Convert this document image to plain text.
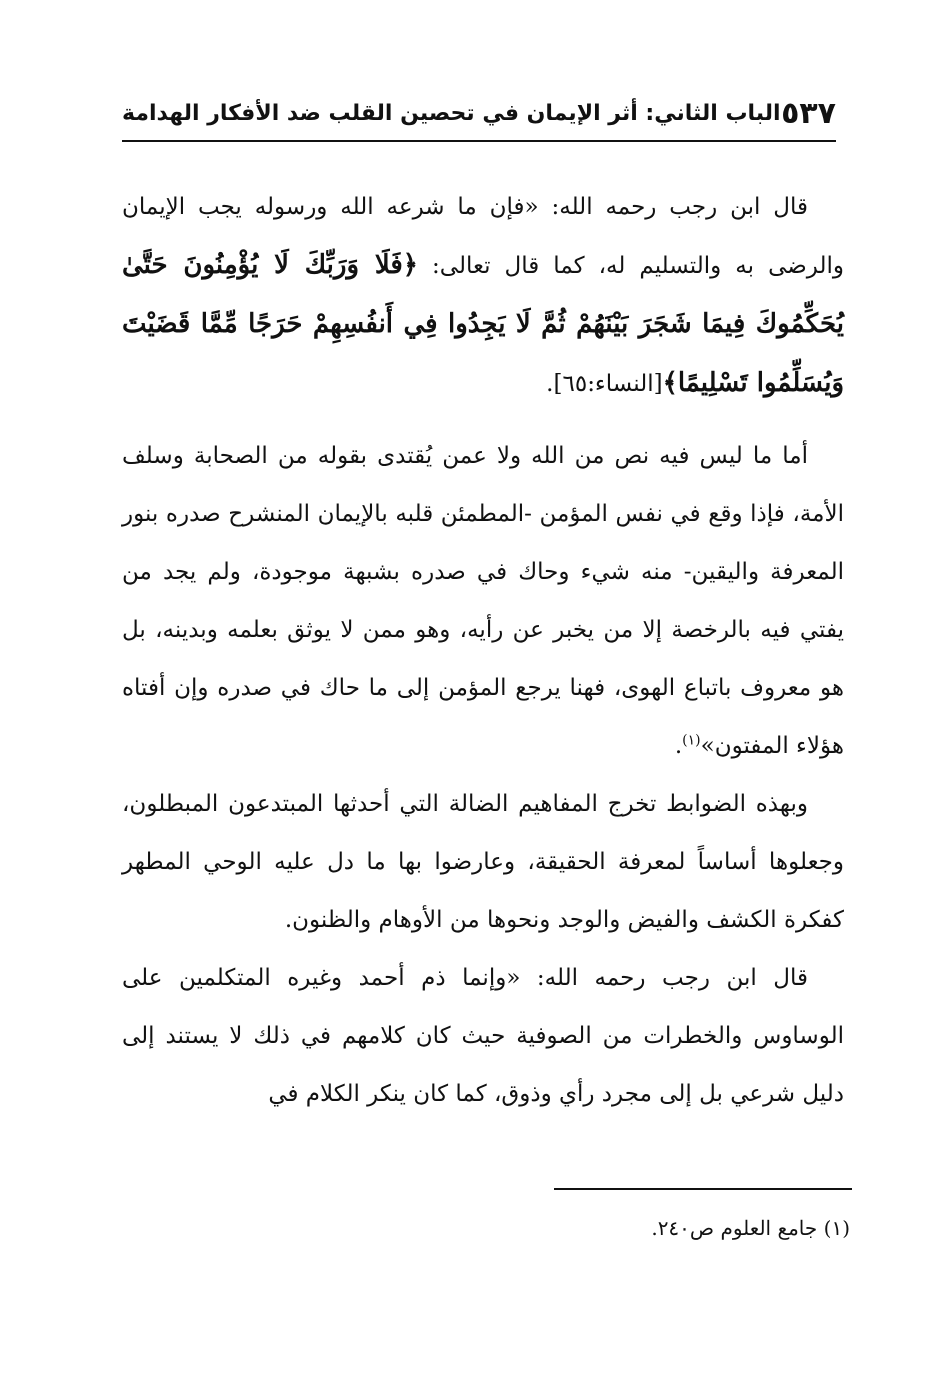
٥٣٧
الباب الثاني: أثر الإيمان في تحصين القلب ضد الأفكار الهدامة

قال ابن رجب رحمه الله: «فإن ما شرعه الله ورسوله يجب الإيمان والرضى به والتسليم له، كما قال تعالى: ﴿فَلَا وَرَبِّكَ لَا يُؤْمِنُونَ حَتَّىٰ يُحَكِّمُوكَ فِيمَا شَجَرَ بَيْنَهُمْ ثُمَّ لَا يَجِدُوا فِي أَنفُسِهِمْ حَرَجًا مِّمَّا قَضَيْتَ وَيُسَلِّمُوا تَسْلِيمًا﴾[النساء:٦٥].

أما ما ليس فيه نص من الله ولا عمن يُقتدى بقوله من الصحابة وسلف الأمة، فإذا وقع في نفس المؤمن -المطمئن قلبه بالإيمان المنشرح صدره بنور المعرفة واليقين- منه شيء وحاك في صدره بشبهة موجودة، ولم يجد من يفتي فيه بالرخصة إلا من يخبر عن رأيه، وهو ممن لا يوثق بعلمه وبدينه، بل هو معروف باتباع الهوى، فهنا يرجع المؤمن إلى ما حاك في صدره وإن أفتاه هؤلاء المفتون»$^{(١)}$.

وبهذه الضوابط تخرج المفاهيم الضالة التي أحدثها المبتدعون المبطلون، وجعلوها أساساً لمعرفة الحقيقة، وعارضوا بها ما دل عليه الوحي المطهر كفكرة الكشف والفيض والوجد ونحوها من الأوهام والظنون.

قال ابن رجب رحمه الله: «وإنما ذم أحمد وغيره المتكلمين على الوساوس والخطرات من الصوفية حيث كان كلامهم في ذلك لا يستند إلى دليل شرعي بل إلى مجرد رأي وذوق، كما كان ينكر الكلام في

(١) جامع العلوم ص٢٤٠.
